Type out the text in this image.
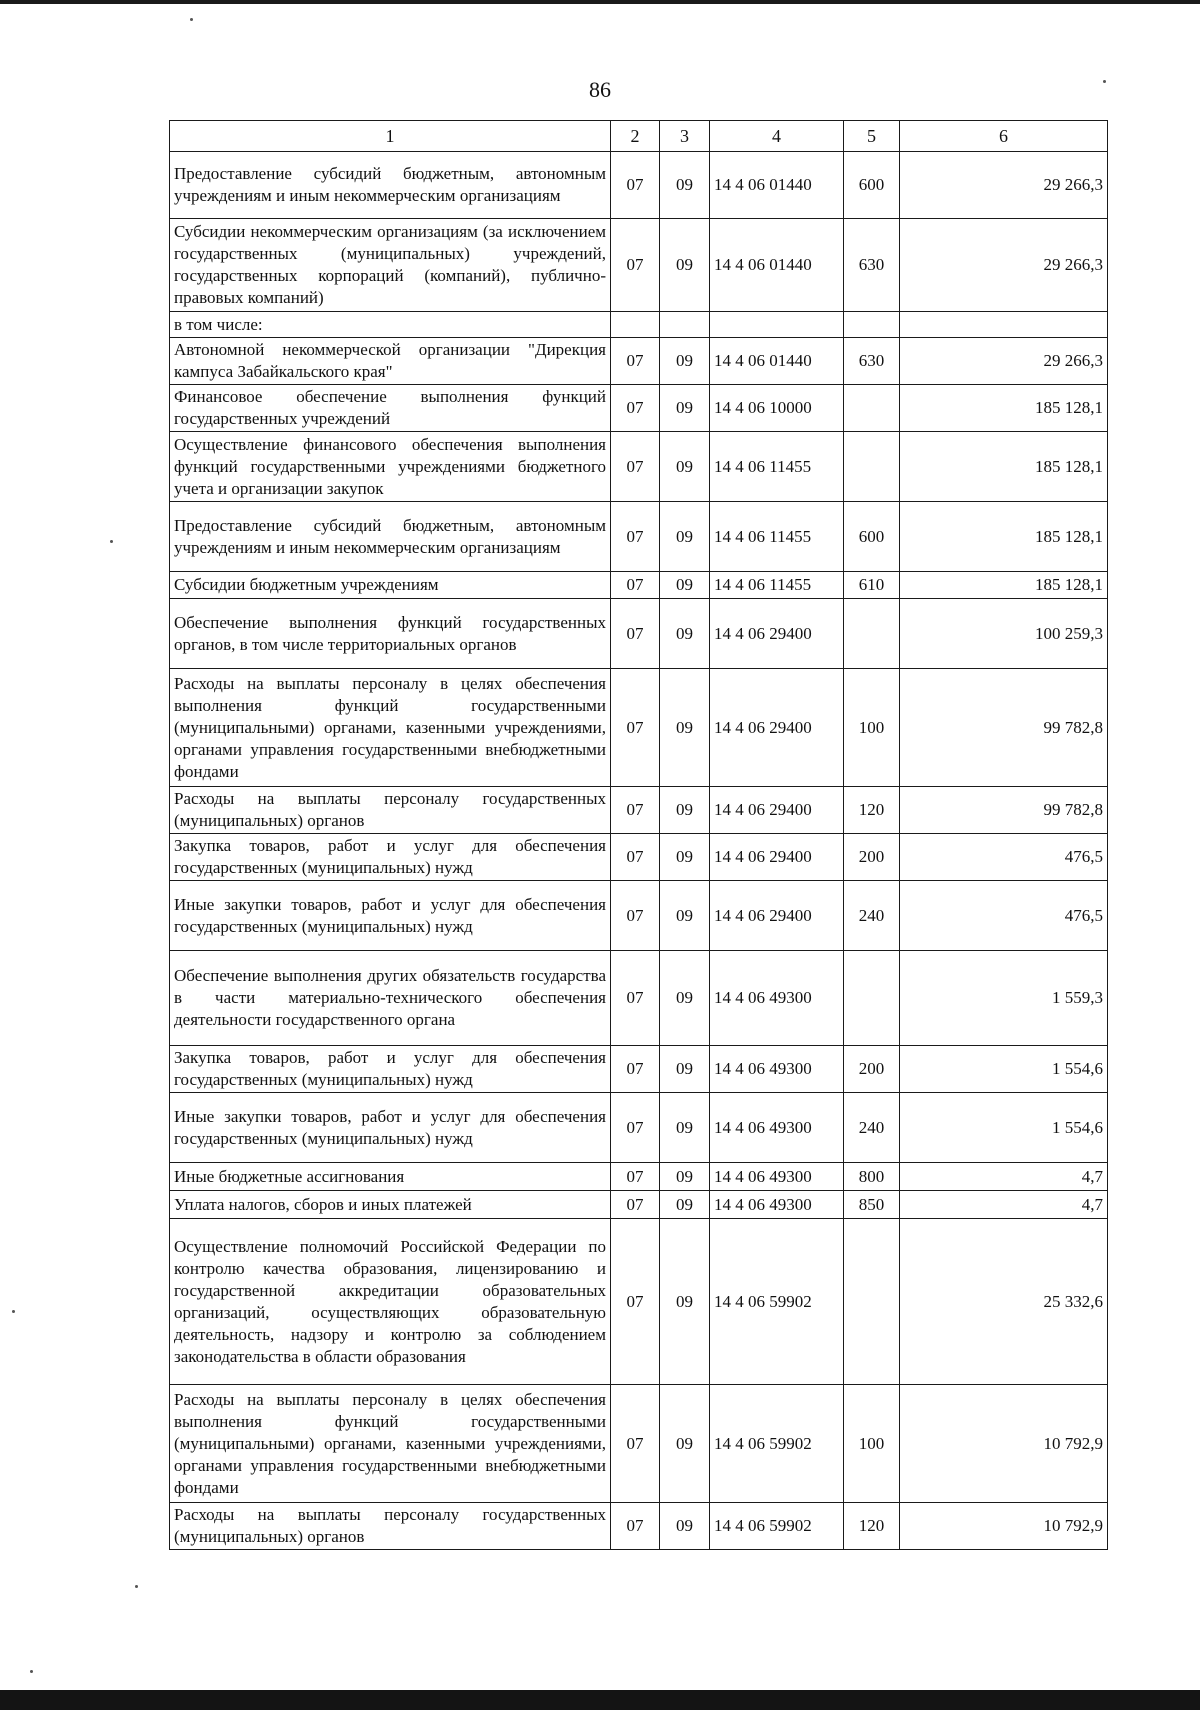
86
1	2	3	4	5	6
Предоставление субсидий бюджетным, автономным учреждениям и иным некоммерческим организациям	07	09	14 4 06 01440	600	29 266,3
Субсидии некоммерческим организациям (за исключением государственных (муниципальных) учреждений, государственных корпораций (компаний), публично-правовых компаний)	07	09	14 4 06 01440	630	29 266,3
в том числе:					
Автономной некоммерческой организации "Дирекция кампуса Забайкальского края"	07	09	14 4 06 01440	630	29 266,3
Финансовое обеспечение выполнения функций государственных учреждений	07	09	14 4 06 10000		185 128,1
Осуществление финансового обеспечения выполнения функций государственными учреждениями бюджетного учета и организации закупок	07	09	14 4 06 11455		185 128,1
Предоставление субсидий бюджетным, автономным учреждениям и иным некоммерческим организациям	07	09	14 4 06 11455	600	185 128,1
Субсидии бюджетным учреждениям	07	09	14 4 06 11455	610	185 128,1
Обеспечение выполнения функций государственных органов, в том числе территориальных органов	07	09	14 4 06 29400		100 259,3
Расходы на выплаты персоналу в целях обеспечения выполнения функций государственными (муниципальными) органами, казенными учреждениями, органами управления государственными внебюджетными фондами	07	09	14 4 06 29400	100	99 782,8
Расходы на выплаты персоналу государственных (муниципальных) органов	07	09	14 4 06 29400	120	99 782,8
Закупка товаров, работ и услуг для обеспечения государственных (муниципальных) нужд	07	09	14 4 06 29400	200	476,5
Иные закупки товаров, работ и услуг для обеспечения государственных (муниципальных) нужд	07	09	14 4 06 29400	240	476,5
Обеспечение выполнения других обязательств государства в части материально-технического обеспечения деятельности государственного органа	07	09	14 4 06 49300		1 559,3
Закупка товаров, работ и услуг для обеспечения государственных (муниципальных) нужд	07	09	14 4 06 49300	200	1 554,6
Иные закупки товаров, работ и услуг для обеспечения государственных (муниципальных) нужд	07	09	14 4 06 49300	240	1 554,6
Иные бюджетные ассигнования	07	09	14 4 06 49300	800	4,7
Уплата налогов, сборов и иных платежей	07	09	14 4 06 49300	850	4,7
Осуществление полномочий Российской Федерации по контролю качества образования, лицензированию и государственной аккредитации образовательных организаций, осуществляющих образовательную деятельность, надзору и контролю за соблюдением законодательства в области образования	07	09	14 4 06 59902		25 332,6
Расходы на выплаты персоналу в целях обеспечения выполнения функций государственными (муниципальными) органами, казенными учреждениями, органами управления государственными внебюджетными фондами	07	09	14 4 06 59902	100	10 792,9
Расходы на выплаты персоналу государственных (муниципальных) органов	07	09	14 4 06 59902	120	10 792,9
